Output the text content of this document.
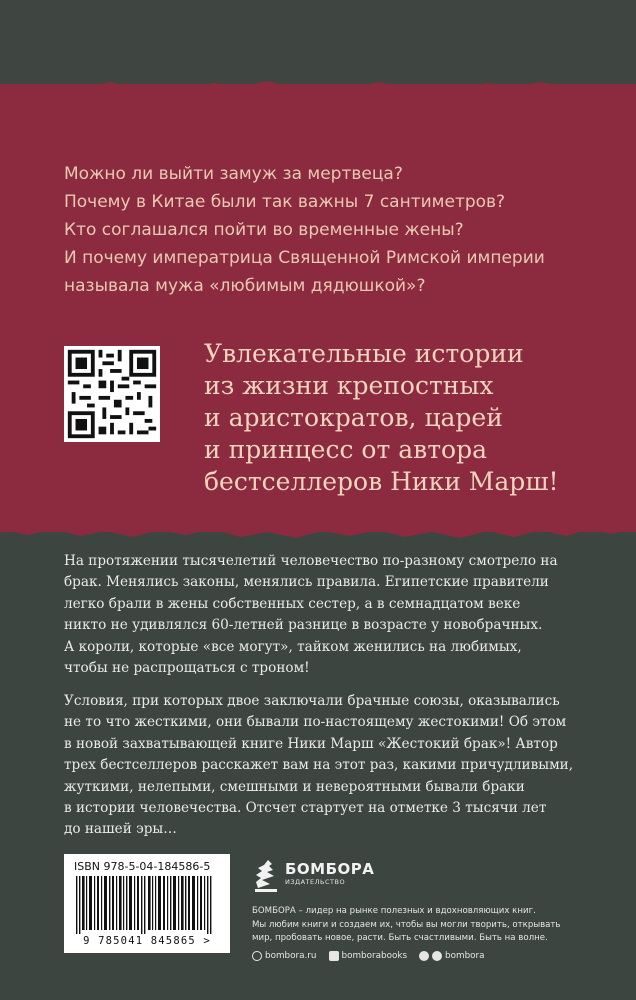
Можно ли выйти замуж за мертвеца?
Почему в Китае были так важны 7 сантиметров?
Кто соглашался пойти во временные жены?
И почему императрица Священной Римской империи
называла мужа «любимым дядюшкой»?
Увлекательные истории
из жизни крепостных
и аристократов, царей
и принцесс от автора
бестселлеров Ники Марш!
На протяжении тысячелетий человечество по-разному смотрело на
брак. Менялись законы, менялись правила. Египетские правители
легко брали в жены собственных сестер, а в семнадцатом веке
никто не удивлялся 60-летней разнице в возрасте у новобрачных.
А короли, которые «все могут», тайком женились на любимых,
чтобы не распрощаться с троном!
Условия, при которых двое заключали брачные союзы, оказывались
не то что жесткими, они бывали по-настоящему жестокими! Об этом
в новой захватывающей книге Ники Марш «Жестокий брак»! Автор
трех бестселлеров расскажет вам на этот раз, какими причудливыми,
жуткими, нелепыми, смешными и невероятными бывали браки
в истории человечества. Отсчет стартует на отметке 3 тысячи лет
до нашей эры…
ISBN 978-5-04-184586-5
9 785041 845865 >
БОМБОРА
ИЗДАТЕЛЬСТВО
БОМБОРА – лидер на рынке полезных и вдохновляющих книг.
Мы любим книги и создаем их, чтобы вы могли творить, открывать
мир, пробовать новое, расти. Быть счастливыми. Быть на волне.
bombora.ru	bomborabooks	bombora
